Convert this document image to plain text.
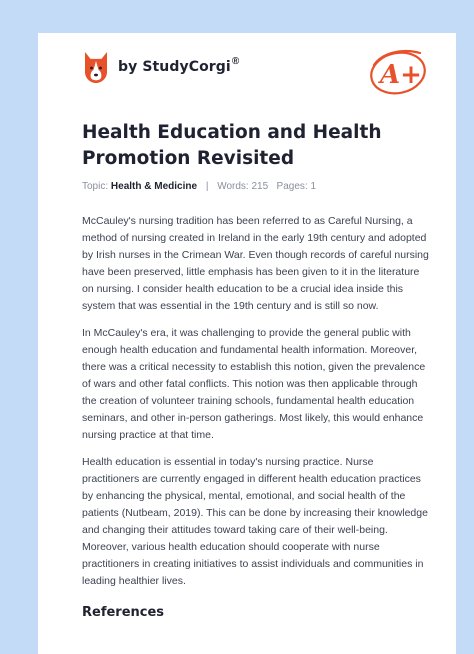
by StudyCorgi ®	A+
Health Education and Health Promotion Revisited
Topic: Health & Medicine | Words: 215 Pages: 1

McCauley's nursing tradition has been referred to as Careful Nursing, a method of nursing created in Ireland in the early 19th century and adopted by Irish nurses in the Crimean War. Even though records of careful nursing have been preserved, little emphasis has been given to it in the literature on nursing. I consider health education to be a crucial idea inside this system that was essential in the 19th century and is still so now.

In McCauley's era, it was challenging to provide the general public with enough health education and fundamental health information. Moreover, there was a critical necessity to establish this notion, given the prevalence of wars and other fatal conflicts. This notion was then applicable through the creation of volunteer training schools, fundamental health education seminars, and other in-person gatherings. Most likely, this would enhance nursing practice at that time.

Health education is essential in today's nursing practice. Nurse practitioners are currently engaged in different health education practices by enhancing the physical, mental, emotional, and social health of the patients (Nutbeam, 2019). This can be done by increasing their knowledge and changing their attitudes toward taking care of their well-being. Moreover, various health education should cooperate with nurse practitioners in creating initiatives to assist individuals and communities in leading healthier lives.

References
